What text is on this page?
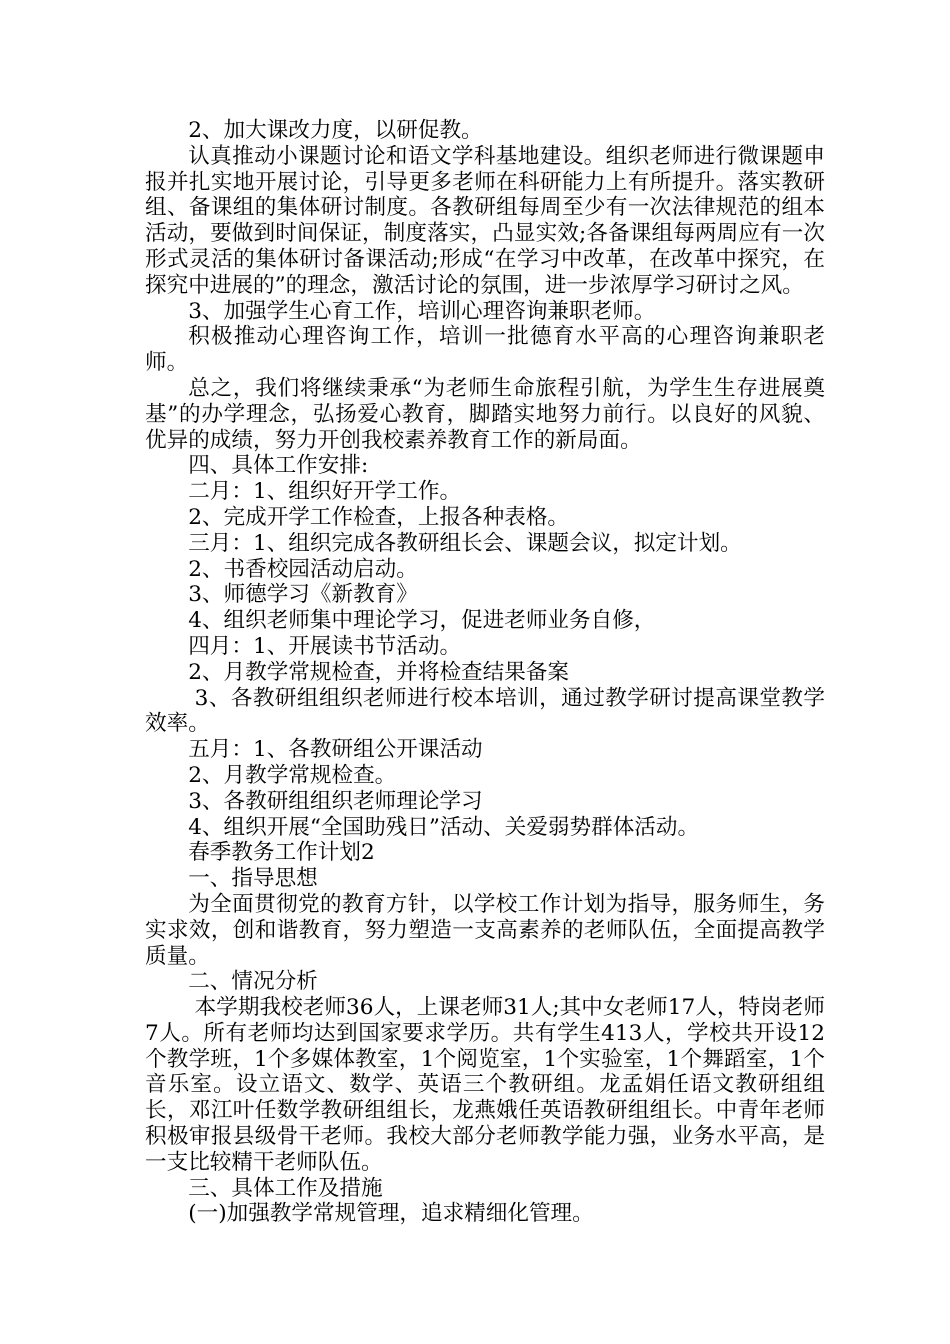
2、加大课改力度，以研促教。

认真推动小课题讨论和语文学科基地建设。组织老师进行微课题申报并扎实地开展讨论，引导更多老师在科研能力上有所提升。落实教研组、备课组的集体研讨制度。各教研组每周至少有一次法律规范的组本活动，要做到时间保证，制度落实，凸显实效;各备课组每两周应有一次形式灵活的集体研讨备课活动;形成“在学习中改革，在改革中探究，在探究中进展的”的理念，激活讨论的氛围，进一步浓厚学习研讨之风。

3、加强学生心育工作，培训心理咨询兼职老师。

积极推动心理咨询工作，培训一批德育水平高的心理咨询兼职老师。

总之，我们将继续秉承“为老师生命旅程引航，为学生生存进展奠基”的办学理念，弘扬爱心教育，脚踏实地努力前行。以良好的风貌、优异的成绩，努力开创我校素养教育工作的新局面。

四、具体工作安排:

二月：1、组织好开学工作。

2、完成开学工作检查，上报各种表格。

三月：1、组织完成各教研组长会、课题会议，拟定计划。

2、书香校园活动启动。

3、师德学习《新教育》

4、组织老师集中理论学习，促进老师业务自修，

四月：1、开展读书节活动。

2、月教学常规检查，并将检查结果备案

3、各教研组组织老师进行校本培训，通过教学研讨提高课堂教学效率。

五月：1、各教研组公开课活动

2、月教学常规检查。

3、各教研组组织老师理论学习

4、组织开展“全国助残日”活动、关爱弱势群体活动。

春季教务工作计划2

一、指导思想

为全面贯彻党的教育方针，以学校工作计划为指导，服务师生，务实求效，创和谐教育，努力塑造一支高素养的老师队伍，全面提高教学质量。

二、情况分析

本学期我校老师36人，上课老师31人;其中女老师17人，特岗老师7人。所有老师均达到国家要求学历。共有学生413人，学校共开设12个教学班，1个多媒体教室，1个阅览室，1个实验室，1个舞蹈室，1个音乐室。设立语文、数学、英语三个教研组。龙孟娟任语文教研组组长，邓江叶任数学教研组组长，龙燕娥任英语教研组组长。中青年老师积极审报县级骨干老师。我校大部分老师教学能力强，业务水平高，是一支比较精干老师队伍。

三、具体工作及措施

(一)加强教学常规管理，追求精细化管理。
